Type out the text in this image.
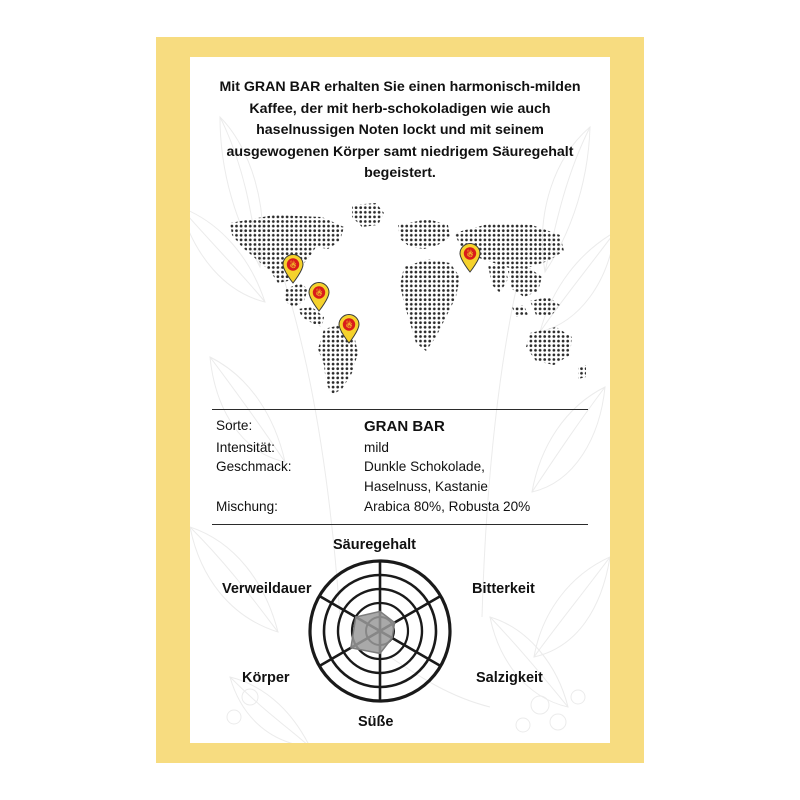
Mit GRAN BAR erhalten Sie einen harmonisch-milden Kaffee, der mit herb-schokoladigen wie auch haselnussigen Noten lockt und mit seinem ausgewogenen Körper samt niedrigem Säuregehalt begeistert.
☃
☃
☃
☃
Sorte:	GRAN BAR
Intensität:	mild
Geschmack:	Dunkle Schokolade,
Haselnuss, Kastanie
Mischung:	Arabica 80%, Robusta 20%
Säuregehalt
Bitterkeit
Salzigkeit
Süße
Körper
Verweildauer
